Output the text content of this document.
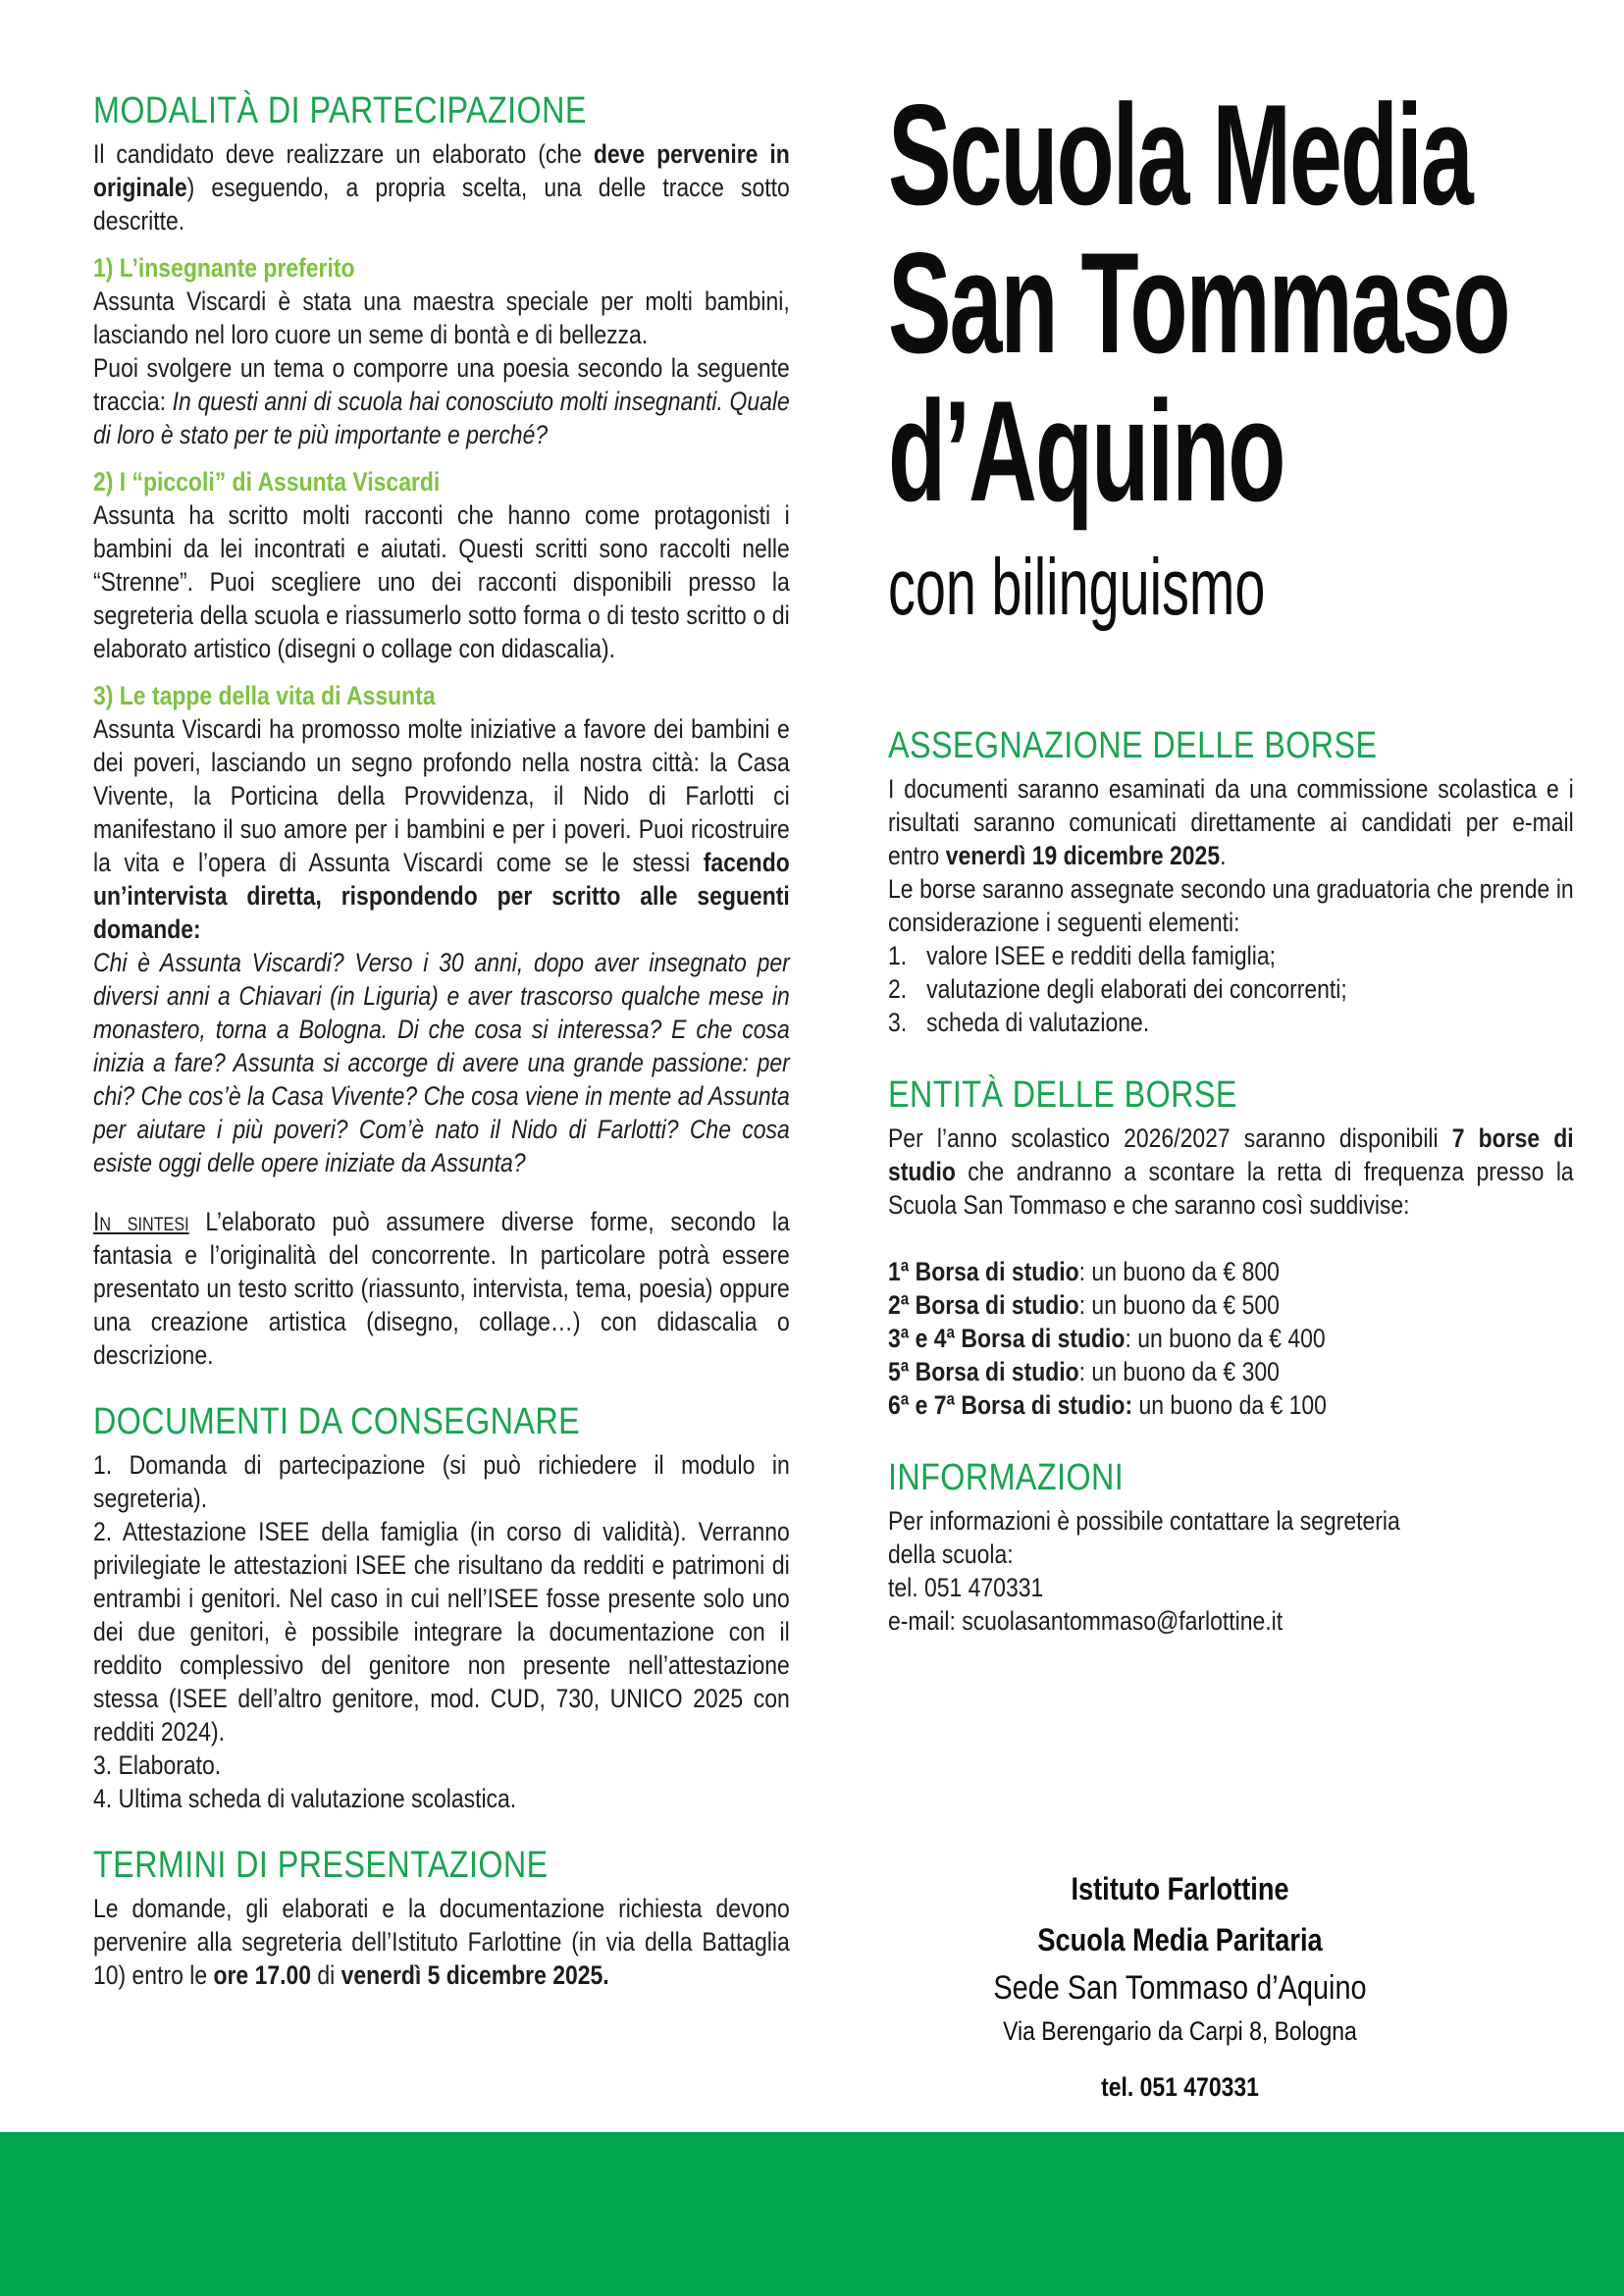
MODALITÀ DI PARTECIPAZIONE

Il candidato deve realizzare un elaborato (che deve pervenire in originale) eseguendo, a propria scelta, una delle tracce sotto descritte.

1) L’insegnante preferito

Assunta Viscardi è stata una maestra speciale per molti bambini, lasciando nel loro cuore un seme di bontà e di bellezza.

Puoi svolgere un tema o comporre una poesia secondo la seguente traccia: In questi anni di scuola hai conosciuto molti insegnanti. Quale di loro è stato per te più importante e perché?

2) I “piccoli” di Assunta Viscardi

Assunta ha scritto molti racconti che hanno come protagonisti i bambini da lei incontrati e aiutati. Questi scritti sono raccolti nelle “Strenne”. Puoi scegliere uno dei racconti disponibili presso la segreteria della scuola e riassumerlo sotto forma o di testo scritto o di elaborato artistico (disegni o collage con didascalia).

3) Le tappe della vita di Assunta

Assunta Viscardi ha promosso molte iniziative a favore dei bambini e dei poveri, lasciando un segno profondo nella nostra città: la Casa Vivente, la Porticina della Provvidenza, il Nido di Farlotti ci manifestano il suo amore per i bambini e per i poveri. Puoi ricostruire la vita e l’opera di Assunta Viscardi come se le stessi facendo un’intervista diretta, rispondendo per scritto alle seguenti domande:

Chi è Assunta Viscardi? Verso i 30 anni, dopo aver insegnato per diversi anni a Chiavari (in Liguria) e aver trascorso qualche mese in monastero, torna a Bologna. Di che cosa si interessa? E che cosa inizia a fare? Assunta si accorge di avere una grande passione: per chi? Che cos’è la Casa Vivente? Che cosa viene in mente ad Assunta per aiutare i più poveri? Com’è nato il Nido di Farlotti? Che cosa esiste oggi delle opere iniziate da Assunta?

In sintesi L’elaborato può assumere diverse forme, secondo la fantasia e l’originalità del concorrente. In particolare potrà essere presentato un testo scritto (riassunto, intervista, tema, poesia) oppure una creazione artistica (disegno, collage…) con didascalia o descrizione.

DOCUMENTI DA CONSEGNARE

1. Domanda di partecipazione (si può richiedere il modulo in segreteria).

2. Attestazione ISEE della famiglia (in corso di validità). Verranno privilegiate le attestazioni ISEE che risultano da redditi e patrimoni di entrambi i genitori. Nel caso in cui nell’ISEE fosse presente solo uno dei due genitori, è possibile integrare la documentazione con il reddito complessivo del genitore non presente nell’attestazione stessa (ISEE dell’altro genitore, mod. CUD, 730, UNICO 2025 con redditi 2024).

3. Elaborato.

4. Ultima scheda di valutazione scolastica.

TERMINI DI PRESENTAZIONE

Le domande, gli elaborati e la documentazione richiesta devono pervenire alla segreteria dell’Istituto Farlottine (in via della Battaglia 10) entro le ore 17.00 di venerdì 5 dicembre 2025.

Scuola Media
San Tommaso
d’Aquino
con bilinguismo
ASSEGNAZIONE DELLE BORSE

I documenti saranno esaminati da una commissione scolastica e i risultati saranno comunicati direttamente ai candidati per e-mail entro venerdì 19 dicembre 2025.

Le borse saranno assegnate secondo una graduatoria che prende in considerazione i seguenti elementi:

1. valore ISEE e redditi della famiglia;
2. valutazione degli elaborati dei concorrenti;
3. scheda di valutazione.
ENTITÀ DELLE BORSE

Per l’anno scolastico 2026/2027 saranno disponibili 7 borse di studio che andranno a scontare la retta di frequenza presso la Scuola San Tommaso e che saranno così suddivise:

1ª Borsa di studio: un buono da € 800

2ª Borsa di studio: un buono da € 500

3ª e 4ª Borsa di studio: un buono da € 400

5ª Borsa di studio: un buono da € 300

6ª e 7ª Borsa di studio: un buono da € 100

INFORMAZIONI
Per informazioni è possibile contattare la segreteria
della scuola:
tel. 051 470331
e-mail: scuolasantommaso@farlottine.it
Istituto Farlottine
Scuola Media Paritaria
Sede San Tommaso d’Aquino
Via Berengario da Carpi 8, Bologna
tel. 051 470331
